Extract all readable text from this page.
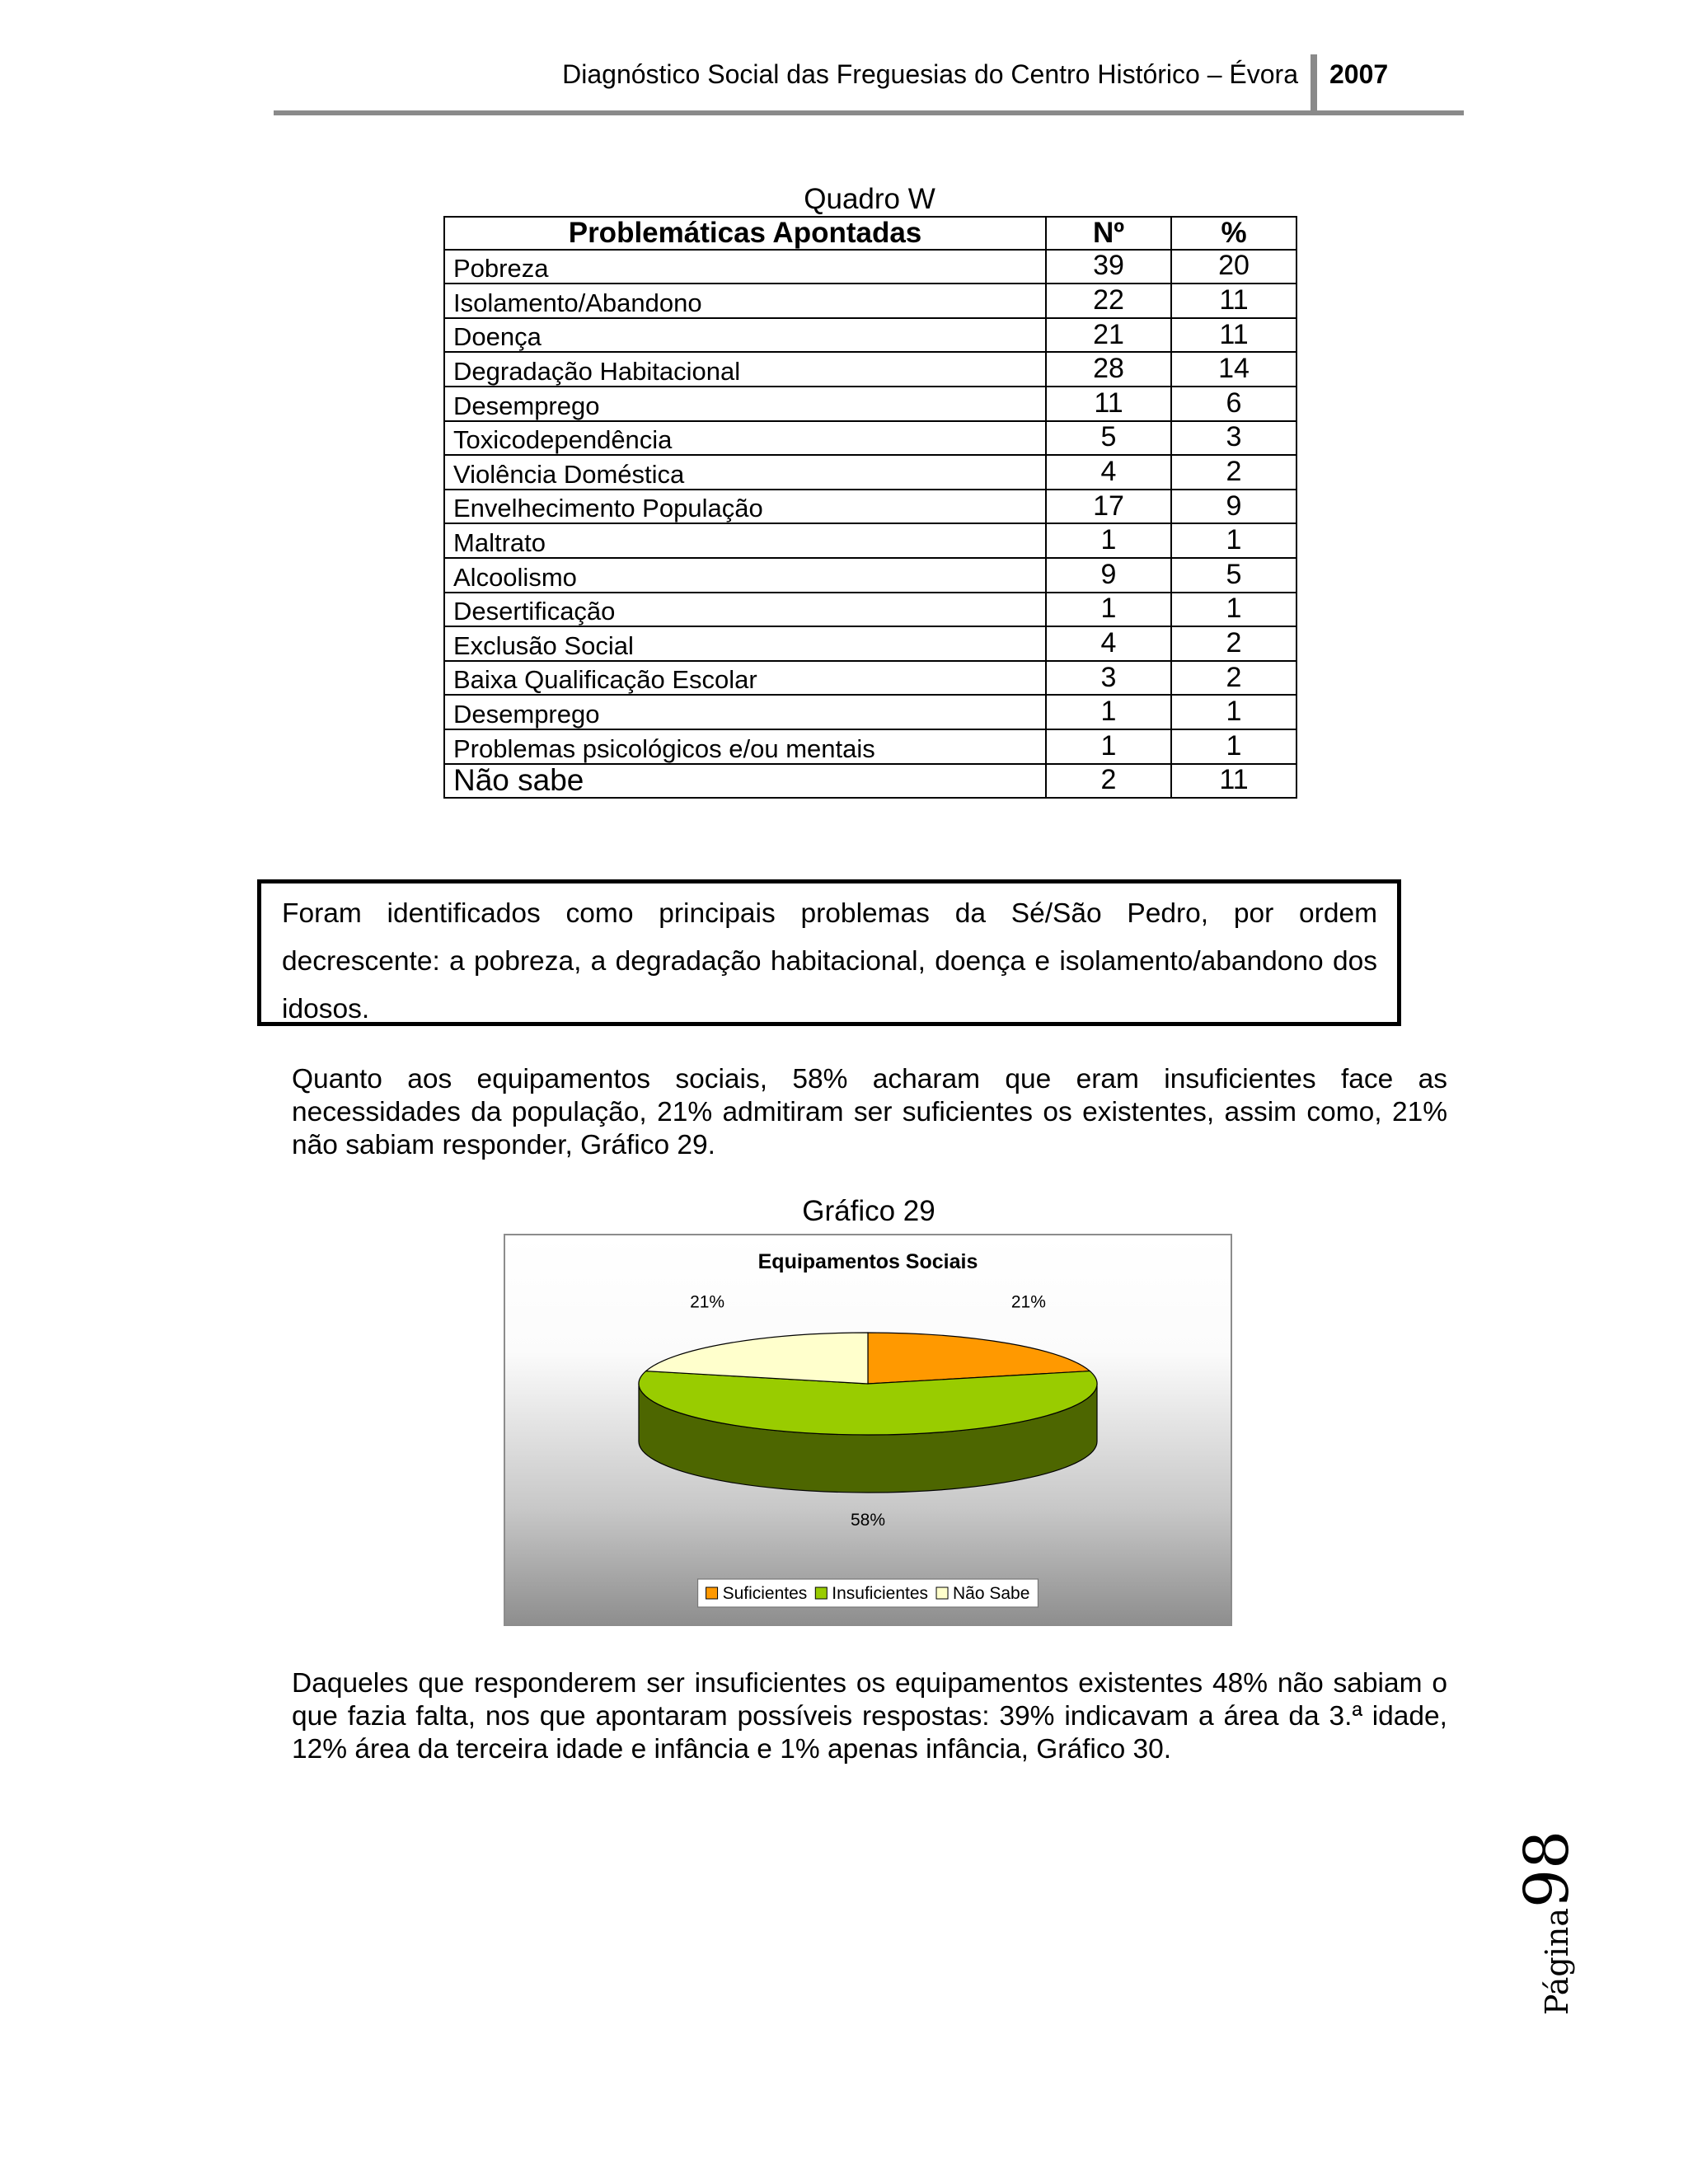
Diagnóstico Social das Freguesias do Centro Histórico – Évora 2007
Quadro W
Problemáticas Apontadas	Nº	%
Pobreza	39	20
Isolamento/Abandono	22	11
Doença	21	11
Degradação Habitacional	28	14
Desemprego	11	6
Toxicodependência	5	3
Violência Doméstica	4	2
Envelhecimento População	17	9
Maltrato	1	1
Alcoolismo	9	5
Desertificação	1	1
Exclusão Social	4	2
Baixa Qualificação Escolar	3	2
Desemprego	1	1
Problemas psicológicos e/ou mentais	1	1
Não sabe	2	11
Foram identificados como principais problemas da Sé/São Pedro, por ordem decrescente: a pobreza, a degradação habitacional, doença e isolamento/abandono dos idosos.
Quanto aos equipamentos sociais, 58% acharam que eram insuficientes face as necessidades da população, 21% admitiram ser suficientes os existentes, assim como, 21% não sabiam responder, Gráfico 29.
Gráfico 29
Equipamentos Sociais
21%
58%
21%
Suficientes Insuficientes Não Sabe
Daqueles que responderem ser insuficientes os equipamentos existentes 48% não sabiam o que fazia falta, nos que apontaram possíveis respostas: 39% indicavam a área da 3.ª idade, 12% área da terceira idade e infância e 1% apenas infância, Gráfico 30.
Página98
